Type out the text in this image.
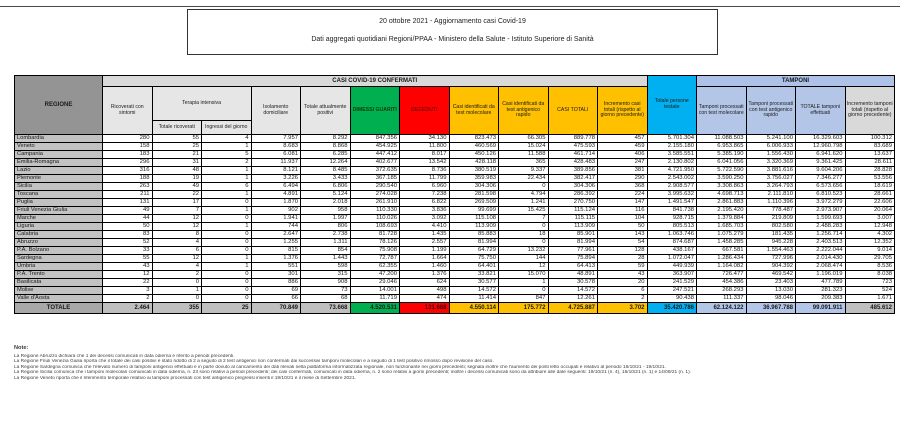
20 ottobre 2021 - Aggiornamento casi Covid-19
Dati aggregati quotidiani Regioni/PPAA - Ministero della Salute - Istituto Superiore di Sanità
REGIONE	CASI COVID-19 CONFERMATI											Totale persone testate	TAMPONI			
	Ricoverati con sintomi	Terapia intensiva		Isolamento domiciliare	Totale attualmente positivi	DIMESSI GUARITI	DECEDUTI	Casi identificati da test molecolare	Casi identificati da test antigenico rapido	CASI TOTALI	Incremento casi totali (rispetto al giorno precedente)		Tamponi processati con test molecolare	Tamponi processati con test antigenico rapido	TOTALE tamponi effettuati	Incremento tamponi totali (rispetto al giorno precedente)
		Totale ricoverati	Ingressi del giorno													
Lombardia	280	55	4	7.957	8.292	847.356	34.130	823.473	66.305	889.778	457	5.701.304	11.088.503	5.241.100	16.329.603	100.312
Veneto	158	25	1	8.683	8.868	454.925	11.800	460.569	15.024	475.593	459	2.155.180	6.953.865	6.006.933	12.960.798	83.689
Campania	183	21	5	6.081	6.285	447.412	8.017	450.126	11.588	461.714	406	3.585.551	5.385.190	1.556.430	6.941.620	13.637
Emilia-Romagna	296	31	2	11.937	12.264	402.677	13.542	428.118	365	428.483	247	2.130.802	6.041.056	3.320.369	9.361.425	28.611
Lazio	316	48	1	8.121	8.485	372.635	8.736	380.519	9.337	389.856	381	4.721.950	5.722.590	3.881.616	9.604.206	28.828
Piemonte	188	19	1	3.226	3.433	367.185	11.799	359.983	22.434	382.417	290	2.543.002	3.590.250	3.756.027	7.346.277	53.556
Sicilia	263	49	6	6.494	6.806	290.540	6.960	304.306	0	304.306	368	2.908.577	3.308.863	3.264.793	6.573.656	18.619
Toscana	211	22	1	4.891	5.124	274.028	7.238	281.598	4.794	286.392	224	3.995.632	4.698.713	2.111.810	6.810.523	28.661
Puglia	131	17	0	1.870	2.018	261.910	6.822	269.509	1.241	270.750	147	1.491.547	2.861.883	1.110.396	3.972.279	22.606
Friuli Venezia Giulia	49	7	1	902	958	110.330	3.836	99.699	15.425	115.124	116	841.738	2.195.420	778.487	2.973.907	20.064
Marche	44	12	0	1.941	1.997	110.026	3.092	115.108	7	115.115	104	928.715	1.379.884	219.809	1.599.693	3.007
Liguria	50	12	1	744	806	108.693	4.410	113.909	0	113.909	50	805.513	1.685.703	802.580	2.488.283	12.948
Calabria	83	8	0	2.647	2.738	81.728	1.435	85.883	18	85.901	143	1.063.746	1.075.279	181.435	1.256.714	4.302
Abruzzo	52	4	0	1.255	1.311	78.126	2.557	81.994	0	81.994	54	874.687	1.458.285	945.228	2.403.513	12.352
P.A. Bolzano	33	6	0	815	854	75.908	1.199	64.729	13.232	77.961	128	438.167	667.581	1.554.463	2.222.044	9.014
Sardegna	55	12	1	1.376	1.443	72.787	1.664	75.750	144	75.894	28	1.072.047	1.286.434	727.996	2.014.430	29.705
Umbria	43	4	1	551	598	62.355	1.460	64.401	12	64.413	59	449.939	1.164.082	904.392	2.068.474	8.536
P.A. Trento	12	2	0	301	315	47.200	1.376	33.821	15.070	48.891	43	363.907	726.477	469.542	1.196.019	8.038
Basilicata	22	0	0	886	908	29.046	624	30.577	1	30.578	20	241.529	454.386	23.403	477.789	723
Molise	3	1	0	69	73	14.001	498	14.572	0	14.572	6	247.521	268.293	13.030	281.323	524
Valle d'Aosta	2	0	0	66	68	11.719	474	11.414	847	12.261	2	90.438	111.337	98.046	209.383	1.671
TOTALE	2.464	355	25	70.849	73.668	4.520.531	131.688	4.550.114	175.772	4.725.887	3.702	35.420.786	62.124.122	36.967.788	99.091.911	485.612
Note:
La Regione Abruzzo dichiara che 1 dei decessi comunicati in data odierna è riferito a periodi precedenti.
La Regione Friuli Venezia Giulia riporta che il totale dei casi positivi è stato ridotto di 2 a seguito di 2 test antigenici non confermati dai successivi tamponi molecolari e a seguito di 1 test positivo rimosso dopo revisione del caso.
La Regione Sardegna comunica che l'elevato numero di tamponi antigenici effettuati è in parte dovuto al caricamento dei dati rilevati nella piattaforma informatizzata regionale, non funzionante nei giorni precedenti; segnala inoltre che l'aumento dei posti letto occupati è relativo al periodo 16/10/21 - 19/10/21.
La Regione Sicilia comunica che i tamponi molecolari comunicati in data odierna, n. 23 sono relativi a periodi precedenti; dei casi confermati, comunicati in data odierna, n. 2 sono relativi a giorni precedenti; inoltre i decessi comunicati sono da attribuire alle date seguenti: 19/10/21 (n. 4), 16/10/21 (n. 1) e 14/09/21 (n. 1).
La Regione Veneto riporta che il riferimento temporale relativo ai tamponi processati con test antigenico pregressi inseriti il 19/10/21 è il mese di Settembre 2021.
